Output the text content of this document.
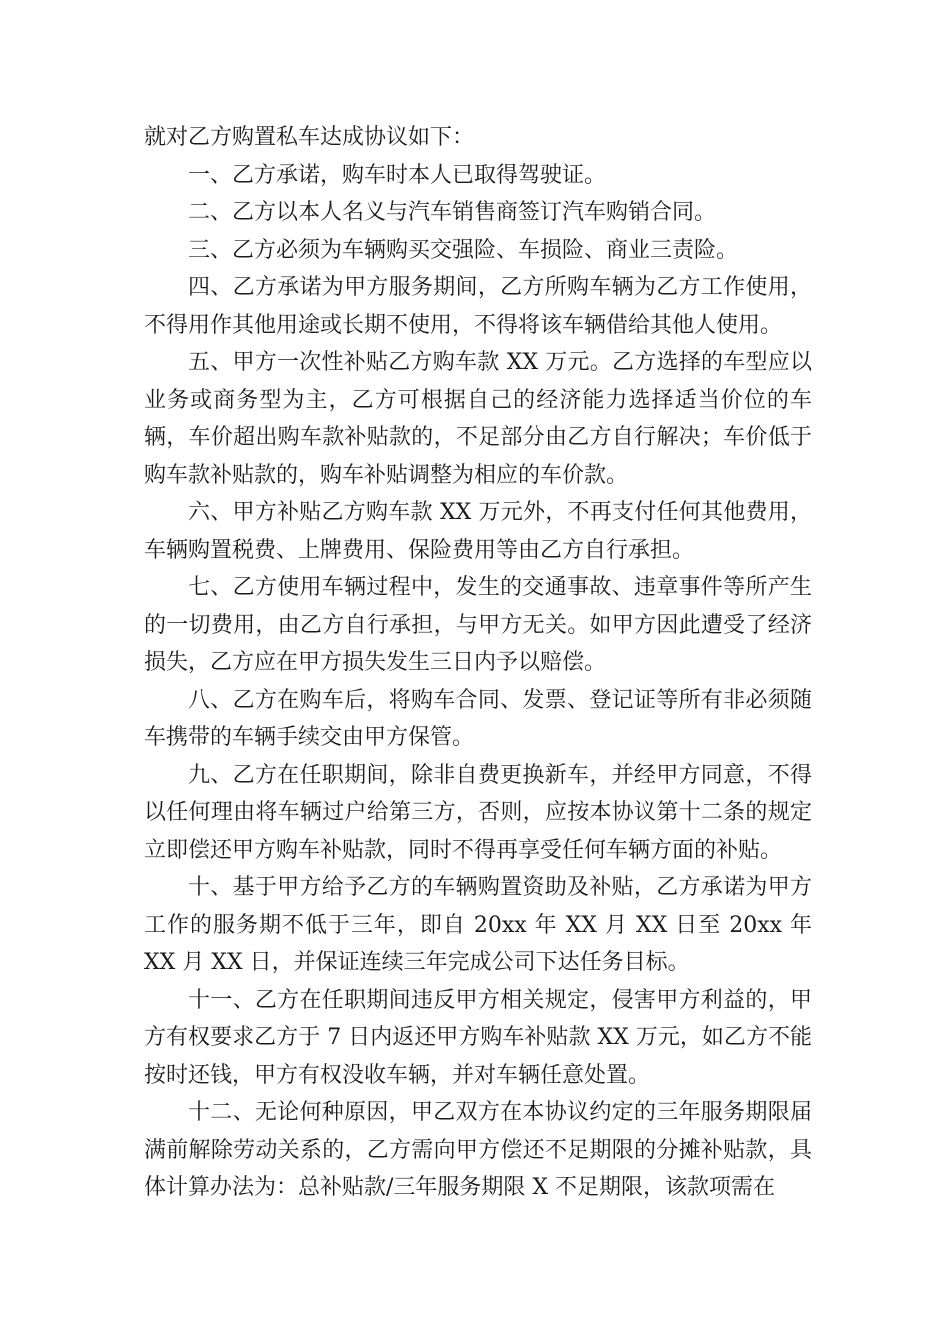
就对乙方购置私车达成协议如下：

一、乙方承诺，购车时本人已取得驾驶证。

二、乙方以本人名义与汽车销售商签订汽车购销合同。

三、乙方必须为车辆购买交强险、车损险、商业三责险。

四、乙方承诺为甲方服务期间，乙方所购车辆为乙方工作使用，不得用作其他用途或长期不使用，不得将该车辆借给其他人使用。

五、甲方一次性补贴乙方购车款 XX 万元。乙方选择的车型应以业务或商务型为主，乙方可根据自己的经济能力选择适当价位的车辆，车价超出购车款补贴款的，不足部分由乙方自行解决；车价低于购车款补贴款的，购车补贴调整为相应的车价款。

六、甲方补贴乙方购车款 XX 万元外，不再支付任何其他费用，车辆购置税费、上牌费用、保险费用等由乙方自行承担。

七、乙方使用车辆过程中，发生的交通事故、违章事件等所产生的一切费用，由乙方自行承担，与甲方无关。如甲方因此遭受了经济损失，乙方应在甲方损失发生三日内予以赔偿。

八、乙方在购车后，将购车合同、发票、登记证等所有非必须随车携带的车辆手续交由甲方保管。

九、乙方在任职期间，除非自费更换新车，并经甲方同意，不得以任何理由将车辆过户给第三方，否则，应按本协议第十二条的规定立即偿还甲方购车补贴款，同时不得再享受任何车辆方面的补贴。

十、基于甲方给予乙方的车辆购置资助及补贴，乙方承诺为甲方工作的服务期不低于三年，即自 20xx 年 XX 月 XX 日至 20xx 年 XX 月 XX 日，并保证连续三年完成公司下达任务目标。

十一、乙方在任职期间违反甲方相关规定，侵害甲方利益的，甲方有权要求乙方于 7 日内返还甲方购车补贴款 XX 万元，如乙方不能按时还钱，甲方有权没收车辆，并对车辆任意处置。

十二、无论何种原因，甲乙双方在本协议约定的三年服务期限届满前解除劳动关系的，乙方需向甲方偿还不足期限的分摊补贴款，具体计算办法为：总补贴款/三年服务期限 X 不足期限，该款项需在
